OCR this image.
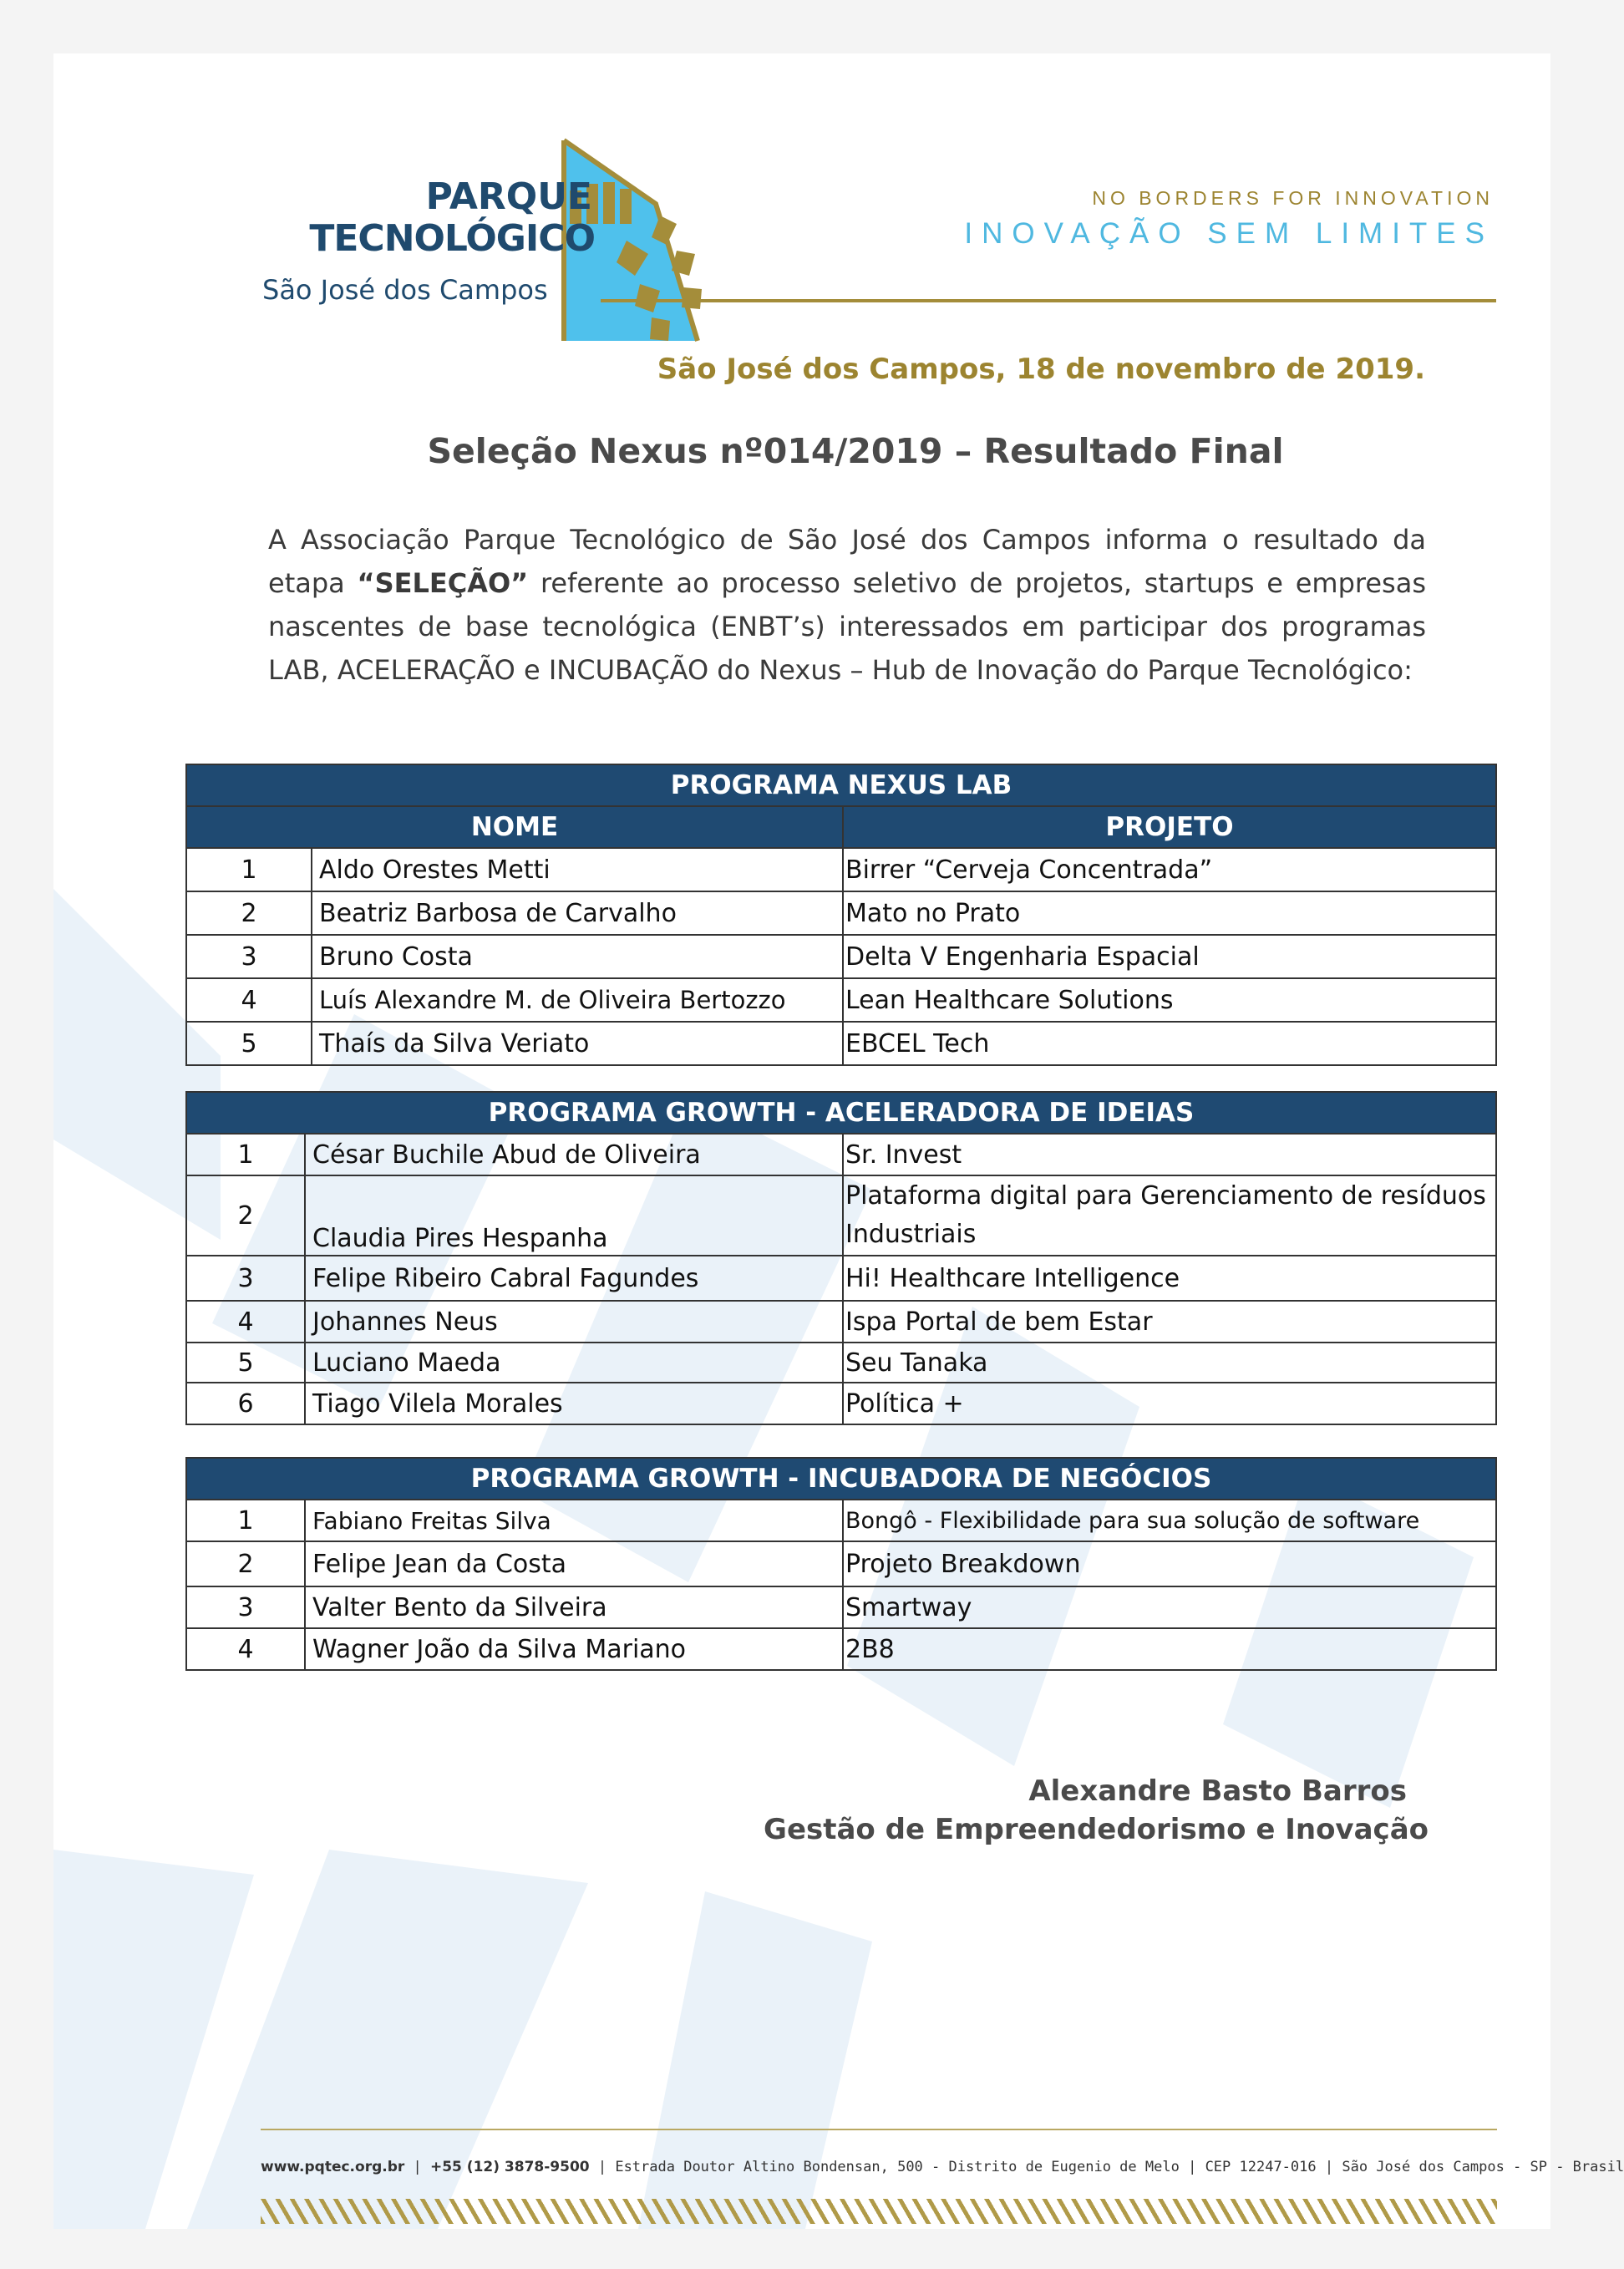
PARQUE
TECNOLÓGICO
São José dos Campos
NO BORDERS FOR INNOVATION
INOVAÇÃO SEM LIMITES
São José dos Campos, 18 de novembro de 2019.
Seleção Nexus nº014/2019 – Resultado Final
A Associação Parque Tecnológico de São José dos Campos informa o resultado da etapa “SELEÇÃO” referente ao processo seletivo de projetos, startups e empresas nascentes de base tecnológica (ENBT’s) interessados em participar dos programas LAB, ACELERAÇÃO e INCUBAÇÃO do Nexus – Hub de Inovação do Parque Tecnológico:
PROGRAMA NEXUS LAB		
NOME		PROJETO
1	Aldo Orestes Metti	Birrer “Cerveja Concentrada”
2	Beatriz Barbosa de Carvalho	Mato no Prato
3	Bruno Costa	Delta V Engenharia Espacial
4	Luís Alexandre M. de Oliveira Bertozzo	Lean Healthcare Solutions
5	Thaís da Silva Veriato	EBCEL Tech
PROGRAMA GROWTH - ACELERADORA DE IDEIAS		
1	César Buchile Abud de Oliveira	Sr. Invest
2	Claudia Pires Hespanha	Plataforma digital para Gerenciamento de resíduos Industriais
3	Felipe Ribeiro Cabral Fagundes	Hi! Healthcare Intelligence
4	Johannes Neus	Ispa Portal de bem Estar
5	Luciano Maeda	Seu Tanaka
6	Tiago Vilela Morales	Política +
PROGRAMA GROWTH - INCUBADORA DE NEGÓCIOS		
1	Fabiano Freitas Silva	Bongô - Flexibilidade para sua solução de software
2	Felipe Jean da Costa	Projeto Breakdown
3	Valter Bento da Silveira	Smartway
4	Wagner João da Silva Mariano	2B8
Alexandre Basto Barros
Gestão de Empreendedorismo e Inovação
www.pqtec.org.br | +55 (12) 3878-9500 | Estrada Doutor Altino Bondensan, 500 - Distrito de Eugenio de Melo | CEP 12247-016 | São José dos Campos - SP - Brasil
